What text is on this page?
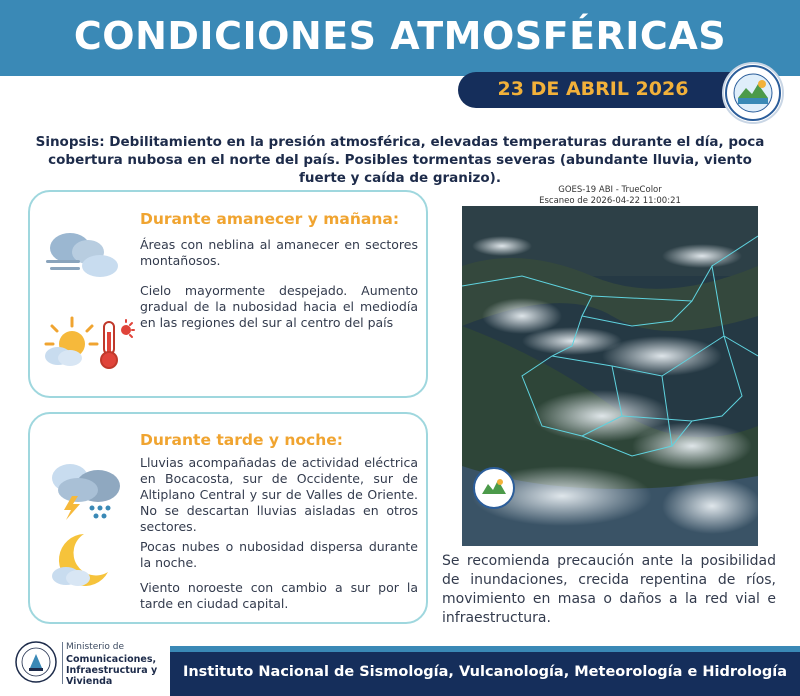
CONDICIONES ATMOSFÉRICAS
23 DE ABRIL 2026
Sinopsis: Debilitamiento en la presión atmosférica, elevadas temperaturas durante el día, poca cobertura nubosa en el norte del país. Posibles tormentas severas (abundante lluvia, viento fuerte y caída de granizo).
Durante amanecer y mañana:
Áreas con neblina al amanecer en sectores montañosos.
Cielo mayormente despejado. Aumento gradual de la nubosidad hacia el mediodía en las regiones del sur al centro del país
Durante tarde y noche:
Lluvias acompañadas de actividad eléctrica en Bocacosta, sur de Occidente, sur de Altiplano Central y sur de Valles de Oriente. No se descartan lluvias aisladas en otros sectores.
Pocas nubes o nubosidad dispersa durante la noche.
Viento noroeste con cambio a sur por la tarde en ciudad capital.
GOES-19 ABI - TrueColor
Escaneo de 2026-04-22 11:00:21
Se recomienda precaución ante la posibilidad de inundaciones, crecida repentina de ríos, movimiento en masa o daños a la red vial e infraestructura.
Ministerio de
Comunicaciones, Infraestructura y Vivienda
Instituto Nacional de Sismología, Vulcanología, Meteorología e Hidrología
